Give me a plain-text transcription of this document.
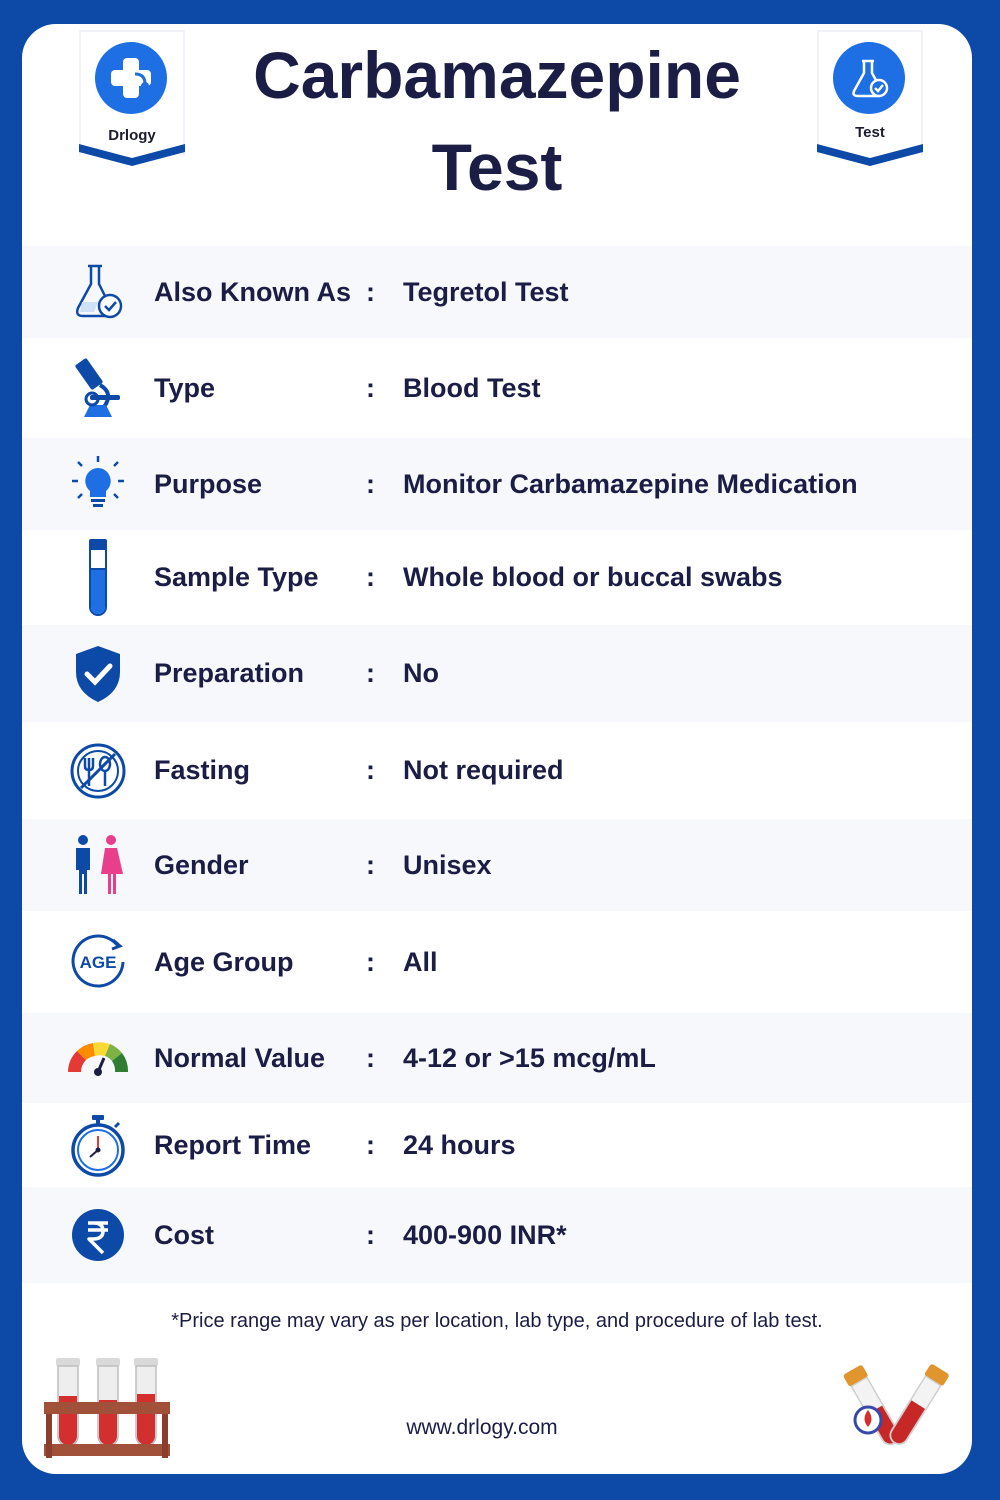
Drlogy
Carbamazepine
Test	Test
Also Known As : Tegretol Test
Type	: Blood Test
Purpose	: Monitor Carbamazepine Medication
Sample Type : Whole blood or buccal swabs
Preparation : No
Fasting	: Not required
Gender	: Unisex
AGE Age Group	: All
Normal Value : 4-12 or >15 mcg/mL
Report Time : 24 hours
Cost	: 400-900 INR*
*Price range may vary as per location, lab type, and procedure of lab test.
www.drlogy.com
